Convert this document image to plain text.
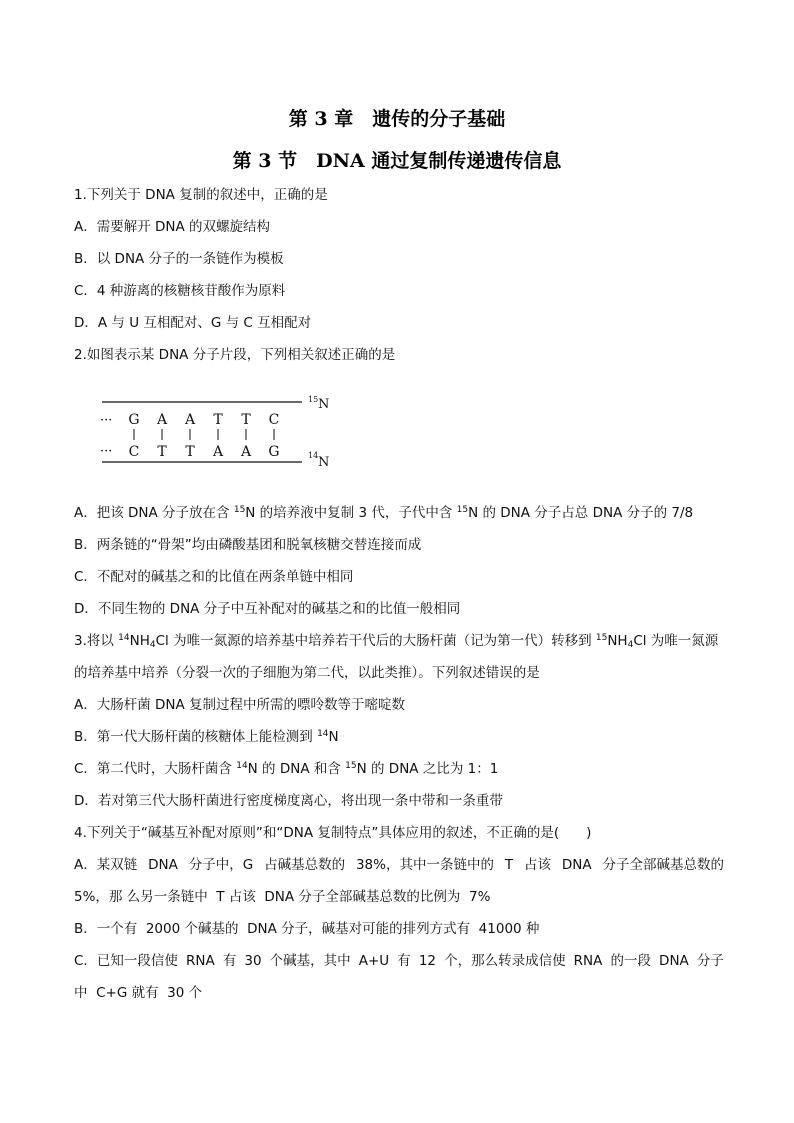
第 3 章　遗传的分子基础
第 3 节　DNA 通过复制传递遗传信息
1.下列关于 DNA 复制的叙述中，正确的是
A．需要解开 DNA 的双螺旋结构
B．以 DNA 分子的一条链作为模板
C．4 种游离的核糖核苷酸作为原料
D．A 与 U 互相配对、G 与 C 互相配对
2.如图表示某 DNA 分子片段，下列相关叙述正确的是
···
···
G A A T T C
C T T A A G
15 N
14 N
A．把该 DNA 分子放在含 $^{15}$N 的培养液中复制 3 代，子代中含 $^{15}$N 的 DNA 分子占总 DNA 分子的 7/8
B．两条链的“骨架”均由磷酸基团和脱氧核糖交替连接而成
C．不配对的碱基之和的比值在两条单链中相同
D．不同生物的 DNA 分子中互补配对的碱基之和的比值一般相同
3.将以 $^{14}NH_4Cl$ 为唯一氮源的培养基中培养若干代后的大肠杆菌（记为第一代）转移到 $^{15}NH_4Cl$ 为唯一氮源
的培养基中培养（分裂一次的子细胞为第二代，以此类推）。下列叙述错误的是
A．大肠杆菌 DNA 复制过程中所需的嘌呤数等于嘧啶数
B．第一代大肠杆菌的核糖体上能检测到 $^{14}$N
C．第二代时，大肠杆菌含 $^{14}$N 的 DNA 和含 $^{15}$N 的 DNA 之比为 1：1
D．若对第三代大肠杆菌进行密度梯度离心，将出现一条中带和一条重带
4.下列关于“碱基互补配对原则”和“DNA 复制特点”具体应用的叙述，不正确的是(　　)
A．某双链 DNA 分子中，G 占碱基总数的 38%，其中一条链中的 T 占该 DNA 分子全部碱基总数的
5%，那 么另一条链中  T 占该  DNA 分子全部碱基总数的比例为  7%
B．一个有  2000 个碱基的  DNA 分子，碱基对可能的排列方式有  41000 种
C．已知一段信使 RNA 有 30 个碱基，其中 A+U 有 12 个，那么转录成信使 RNA 的一段 DNA 分子
中  C+G 就有  30 个
